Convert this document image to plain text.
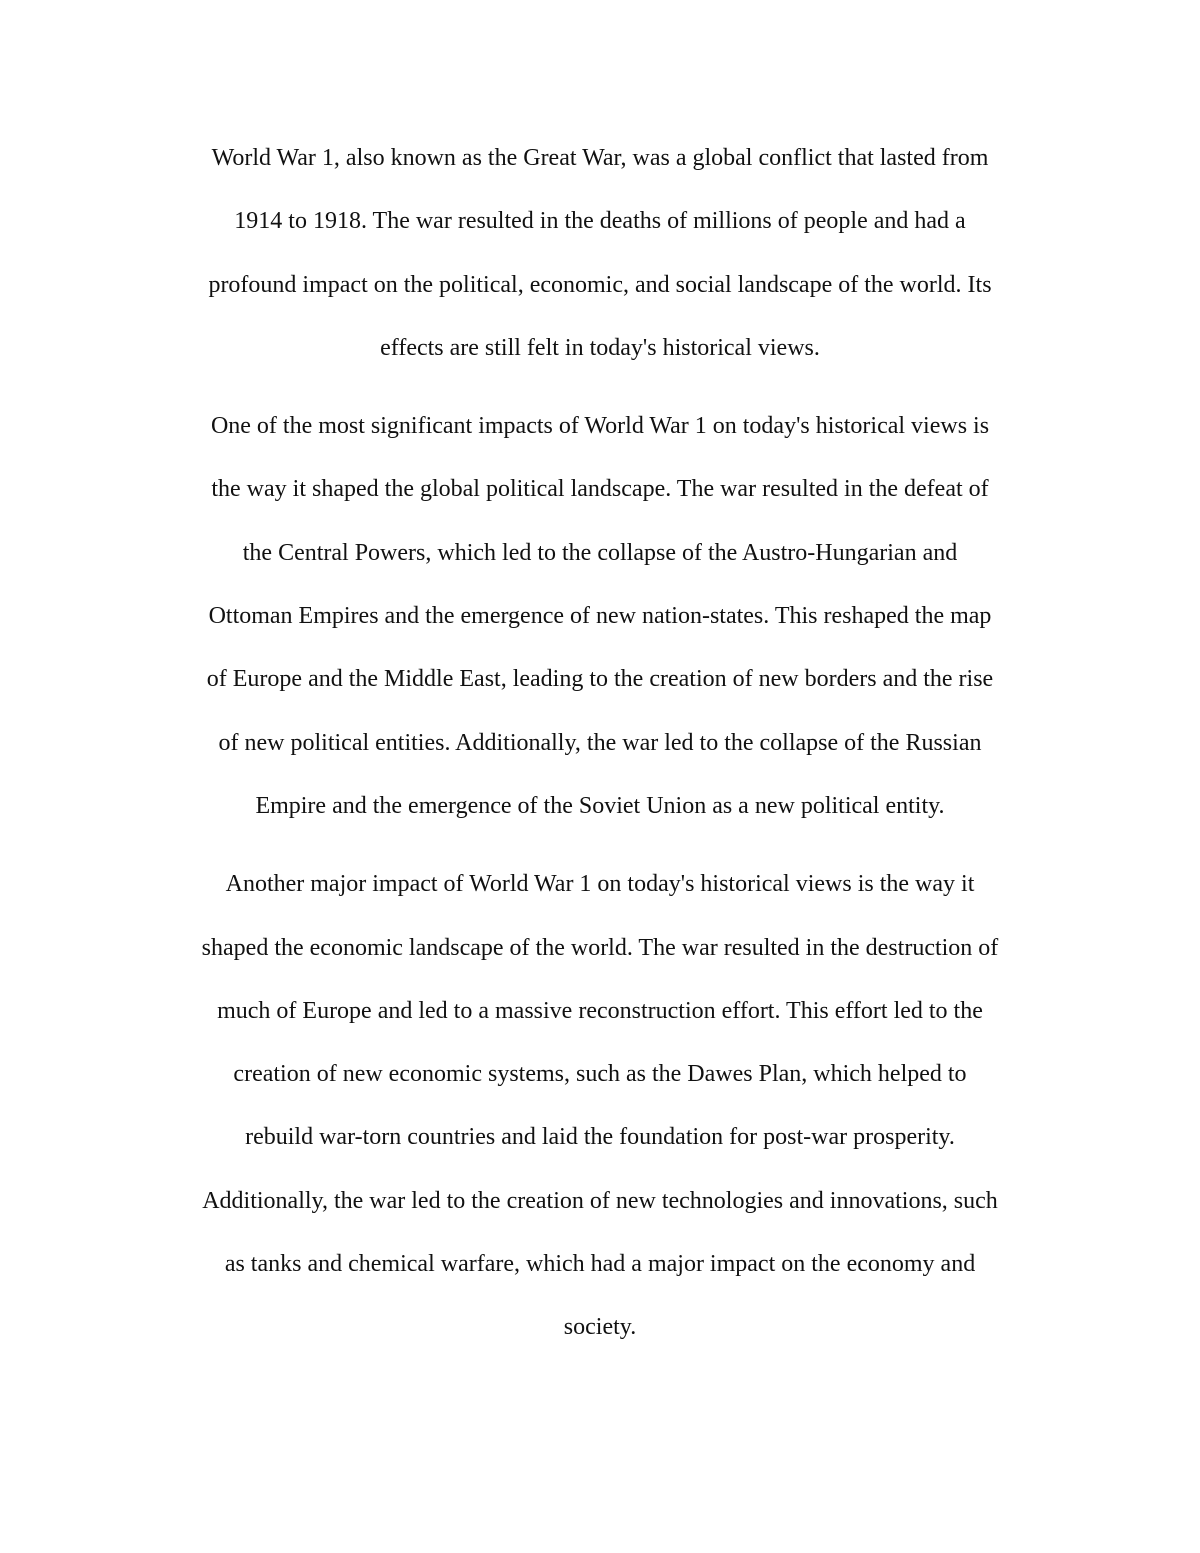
World War 1, also known as the Great War, was a global conflict that lasted from
1914 to 1918. The war resulted in the deaths of millions of people and had a
profound impact on the political, economic, and social landscape of the world. Its
effects are still felt in today's historical views.
One of the most significant impacts of World War 1 on today's historical views is
the way it shaped the global political landscape. The war resulted in the defeat of
the Central Powers, which led to the collapse of the Austro-Hungarian and
Ottoman Empires and the emergence of new nation-states. This reshaped the map
of Europe and the Middle East, leading to the creation of new borders and the rise
of new political entities. Additionally, the war led to the collapse of the Russian
Empire and the emergence of the Soviet Union as a new political entity.
Another major impact of World War 1 on today's historical views is the way it
shaped the economic landscape of the world. The war resulted in the destruction of
much of Europe and led to a massive reconstruction effort. This effort led to the
creation of new economic systems, such as the Dawes Plan, which helped to
rebuild war-torn countries and laid the foundation for post-war prosperity.
Additionally, the war led to the creation of new technologies and innovations, such
as tanks and chemical warfare, which had a major impact on the economy and
society.
